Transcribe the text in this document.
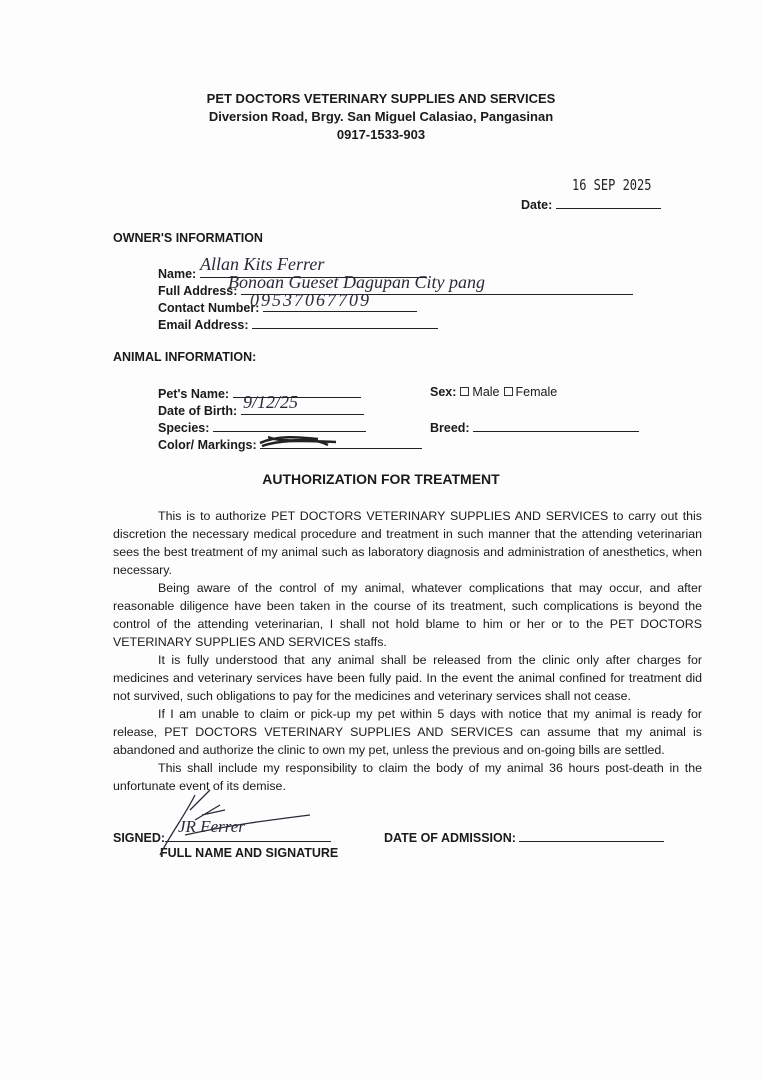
PET DOCTORS VETERINARY SUPPLIES AND SERVICES
Diversion Road, Brgy. San Miguel Calasiao, Pangasinan
0917-1533-903
16 SEP 2025
Date:
OWNER'S INFORMATION
Name: Allan Kits Ferrer
Full Address:
Bonoan Gueset Dagupan City pang
Contact Number:
09537067709
Email Address:
ANIMAL INFORMATION:
Pet's Name:
Date of Birth: 9/12/25
Species:
Color/ Markings:
Sex: Male Female
Breed:
AUTHORIZATION FOR TREATMENT

This is to authorize PET DOCTORS VETERINARY SUPPLIES AND SERVICES to carry out this discretion the necessary medical procedure and treatment in such manner that the attending veterinarian sees the best treatment of my animal such as laboratory diagnosis and administration of anesthetics, when necessary.

Being aware of the control of my animal, whatever complications that may occur, and after reasonable diligence have been taken in the course of its treatment, such complications is beyond the control of the attending veterinarian, I shall not hold blame to him or her or to the PET DOCTORS VETERINARY SUPPLIES AND SERVICES staffs.

It is fully understood that any animal shall be released from the clinic only after charges for medicines and veterinary services have been fully paid. In the event the animal confined for treatment did not survived, such obligations to pay for the medicines and veterinary services shall not cease.

If I am unable to claim or pick-up my pet within 5 days with notice that my animal is ready for release, PET DOCTORS VETERINARY SUPPLIES AND SERVICES can assume that my animal is abandoned and authorize the clinic to own my pet, unless the previous and on-going bills are settled.

This shall include my responsibility to claim the body of my animal 36 hours post-death in the unfortunate event of its demise.

SIGNED:
FULL NAME AND SIGNATURE
JR Ferrer
DATE OF ADMISSION:
